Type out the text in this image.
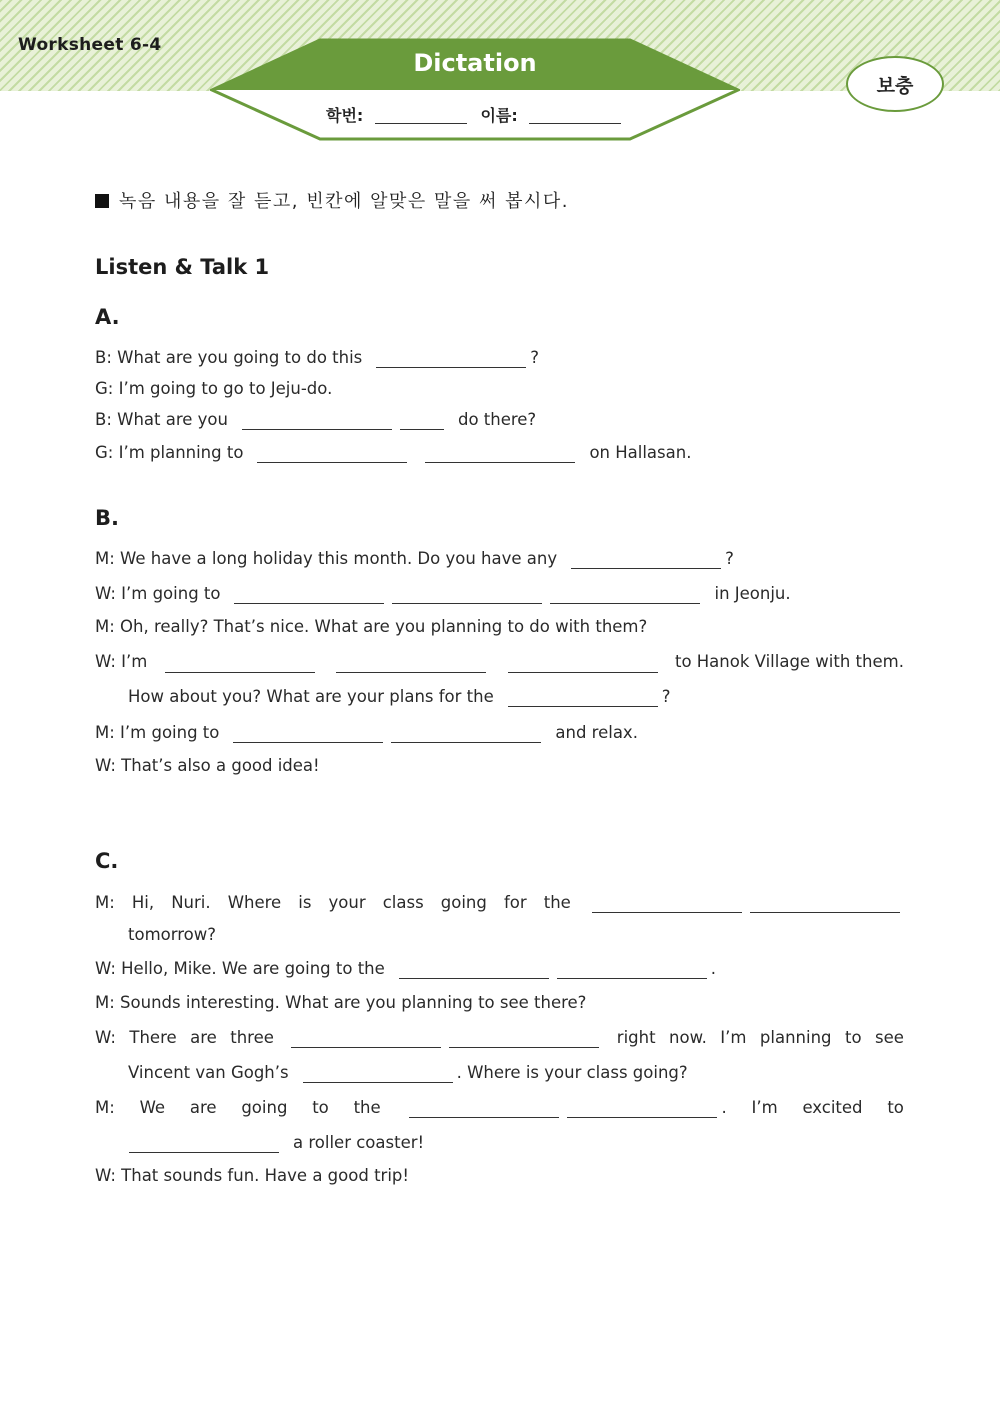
Worksheet 6-4
Dictation
학번:	이름:
보충
녹음 내용을 잘 듣고, 빈칸에 알맞은 말을 써 봅시다.
Listen & Talk 1
A.
B: What are you going to do this	?
G: I’m going to go to Jeju-do.
B: What are you	do there?
G: I’m planning to	on Hallasan.
B.
M: We have a long holiday this month. Do you have any	?
W: I’m going to	in Jeonju.
M: Oh, really? That’s nice. What are you planning to do with them?
W: I’m	to Hanok Village with them.
How about you? What are your plans for the	?
M: I’m going to	and relax.
W: That’s also a good idea!
C.
M: Hi, Nuri. Where is your class going for the
tomorrow?
W: Hello, Mike. We are going to the	.
M: Sounds interesting. What are you planning to see there?
W: There are three	right now. I’m planning to see
Vincent van Gogh’s	. Where is your class going?
M: We are going to the	. I’m excited to
a roller coaster!
W: That sounds fun. Have a good trip!
